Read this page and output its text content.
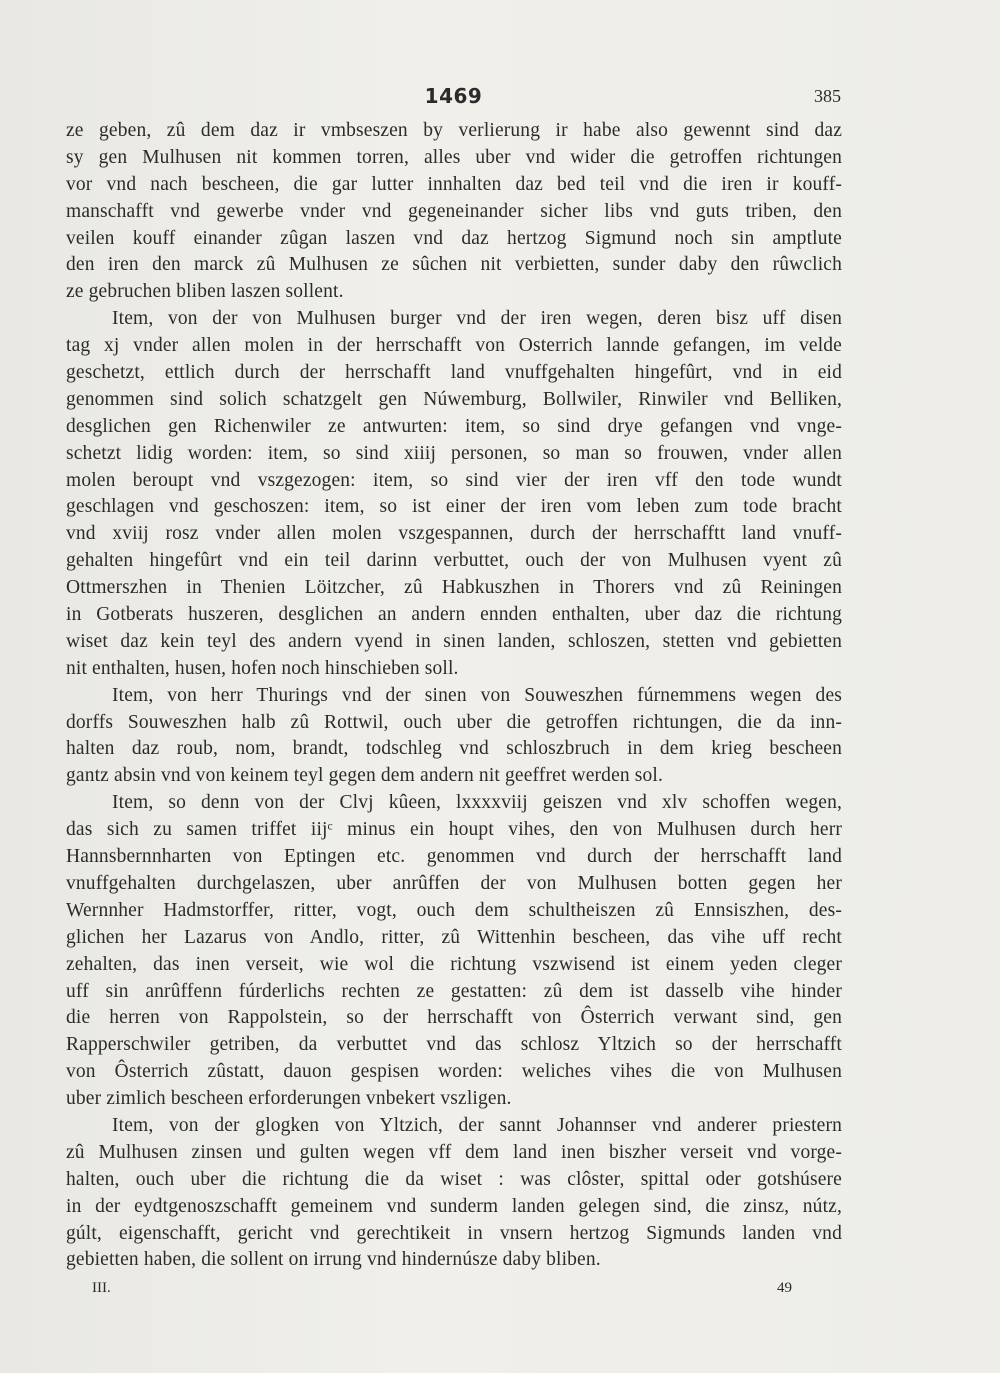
1469	385
ze geben, zû dem daz ir vmbseszen by verlierung ir habe also gewennt sind daz
sy gen Mulhusen nit kommen torren, alles uber vnd wider die getroffen richtungen
vor vnd nach bescheen, die gar lutter innhalten daz bed teil vnd die iren ir kouff-
manschafft vnd gewerbe vnder vnd gegeneinander sicher libs vnd guts triben, den
veilen kouff einander zûgan laszen vnd daz hertzog Sigmund noch sin amptlute
den iren den marck zû Mulhusen ze sûchen nit verbietten, sunder daby den rûwclich
ze gebruchen bliben laszen sollent.
Item, von der von Mulhusen burger vnd der iren wegen, deren bisz uff disen
tag xj vnder allen molen in der herrschafft von Osterrich lannde gefangen, im velde
geschetzt, ettlich durch der herrschafft land vnuffgehalten hingefûrt, vnd in eid
genommen sind solich schatzgelt gen Núwemburg, Bollwiler, Rinwiler vnd Belliken,
desglichen gen Richenwiler ze antwurten: item, so sind drye gefangen vnd vnge-
schetzt lidig worden: item, so sind xiiij personen, so man so frouwen, vnder allen
molen beroupt vnd vszgezogen: item, so sind vier der iren vff den tode wundt
geschlagen vnd geschoszen: item, so ist einer der iren vom leben zum tode bracht
vnd xviij rosz vnder allen molen vszgespannen, durch der herrschafftt land vnuff-
gehalten hingefûrt vnd ein teil darinn verbuttet, ouch der von Mulhusen vyent zû
Ottmerszhen in Thenien Löitzcher, zû Habkuszhen in Thorers vnd zû Reiningen
in Gotberats huszeren, desglichen an andern ennden enthalten, uber daz die richtung
wiset daz kein teyl des andern vyend in sinen landen, schloszen, stetten vnd gebietten
nit enthalten, husen, hofen noch hinschieben soll.
Item, von herr Thurings vnd der sinen von Souweszhen fúrnemmens wegen des
dorffs Souweszhen halb zû Rottwil, ouch uber die getroffen richtungen, die da inn-
halten daz roub, nom, brandt, todschleg vnd schloszbruch in dem krieg bescheen
gantz absin vnd von keinem teyl gegen dem andern nit geeffret werden sol.
Item, so denn von der Clvj kûeen, lxxxxviij geiszen vnd xlv schoffen wegen,
das sich zu samen triffet iijᶜ minus ein houpt vihes, den von Mulhusen durch herr
Hannsbernnharten von Eptingen etc. genommen vnd durch der herrschafft land
vnuffgehalten durchgelaszen, uber anrûffen der von Mulhusen botten gegen her
Wernnher Hadmstorffer, ritter, vogt, ouch dem schultheiszen zû Ennsiszhen, des-
glichen her Lazarus von Andlo, ritter, zû Wittenhin bescheen, das vihe uff recht
zehalten, das inen verseit, wie wol die richtung vszwisend ist einem yeden cleger
uff sin anrûffenn fúrderlichs rechten ze gestatten: zû dem ist dasselb vihe hinder
die herren von Rappolstein, so der herrschafft von Ôsterrich verwant sind, gen
Rapperschwiler getriben, da verbuttet vnd das schlosz Yltzich so der herrschafft
von Ôsterrich zûstatt, dauon gespisen worden: weliches vihes die von Mulhusen
uber zimlich bescheen erforderungen vnbekert vszligen.
Item, von der glogken von Yltzich, der sannt Johannser vnd anderer priestern
zû Mulhusen zinsen und gulten wegen vff dem land inen biszher verseit vnd vorge-
halten, ouch uber die richtung die da wiset : was clôster, spittal oder gotshúsere
in der eydtgenoszschafft gemeinem vnd sunderm landen gelegen sind, die zinsz, nútz,
gúlt, eigenschafft, gericht vnd gerechtikeit in vnsern hertzog Sigmunds landen vnd
gebietten haben, die sollent on irrung vnd hindernúsze daby bliben.
III.	49
